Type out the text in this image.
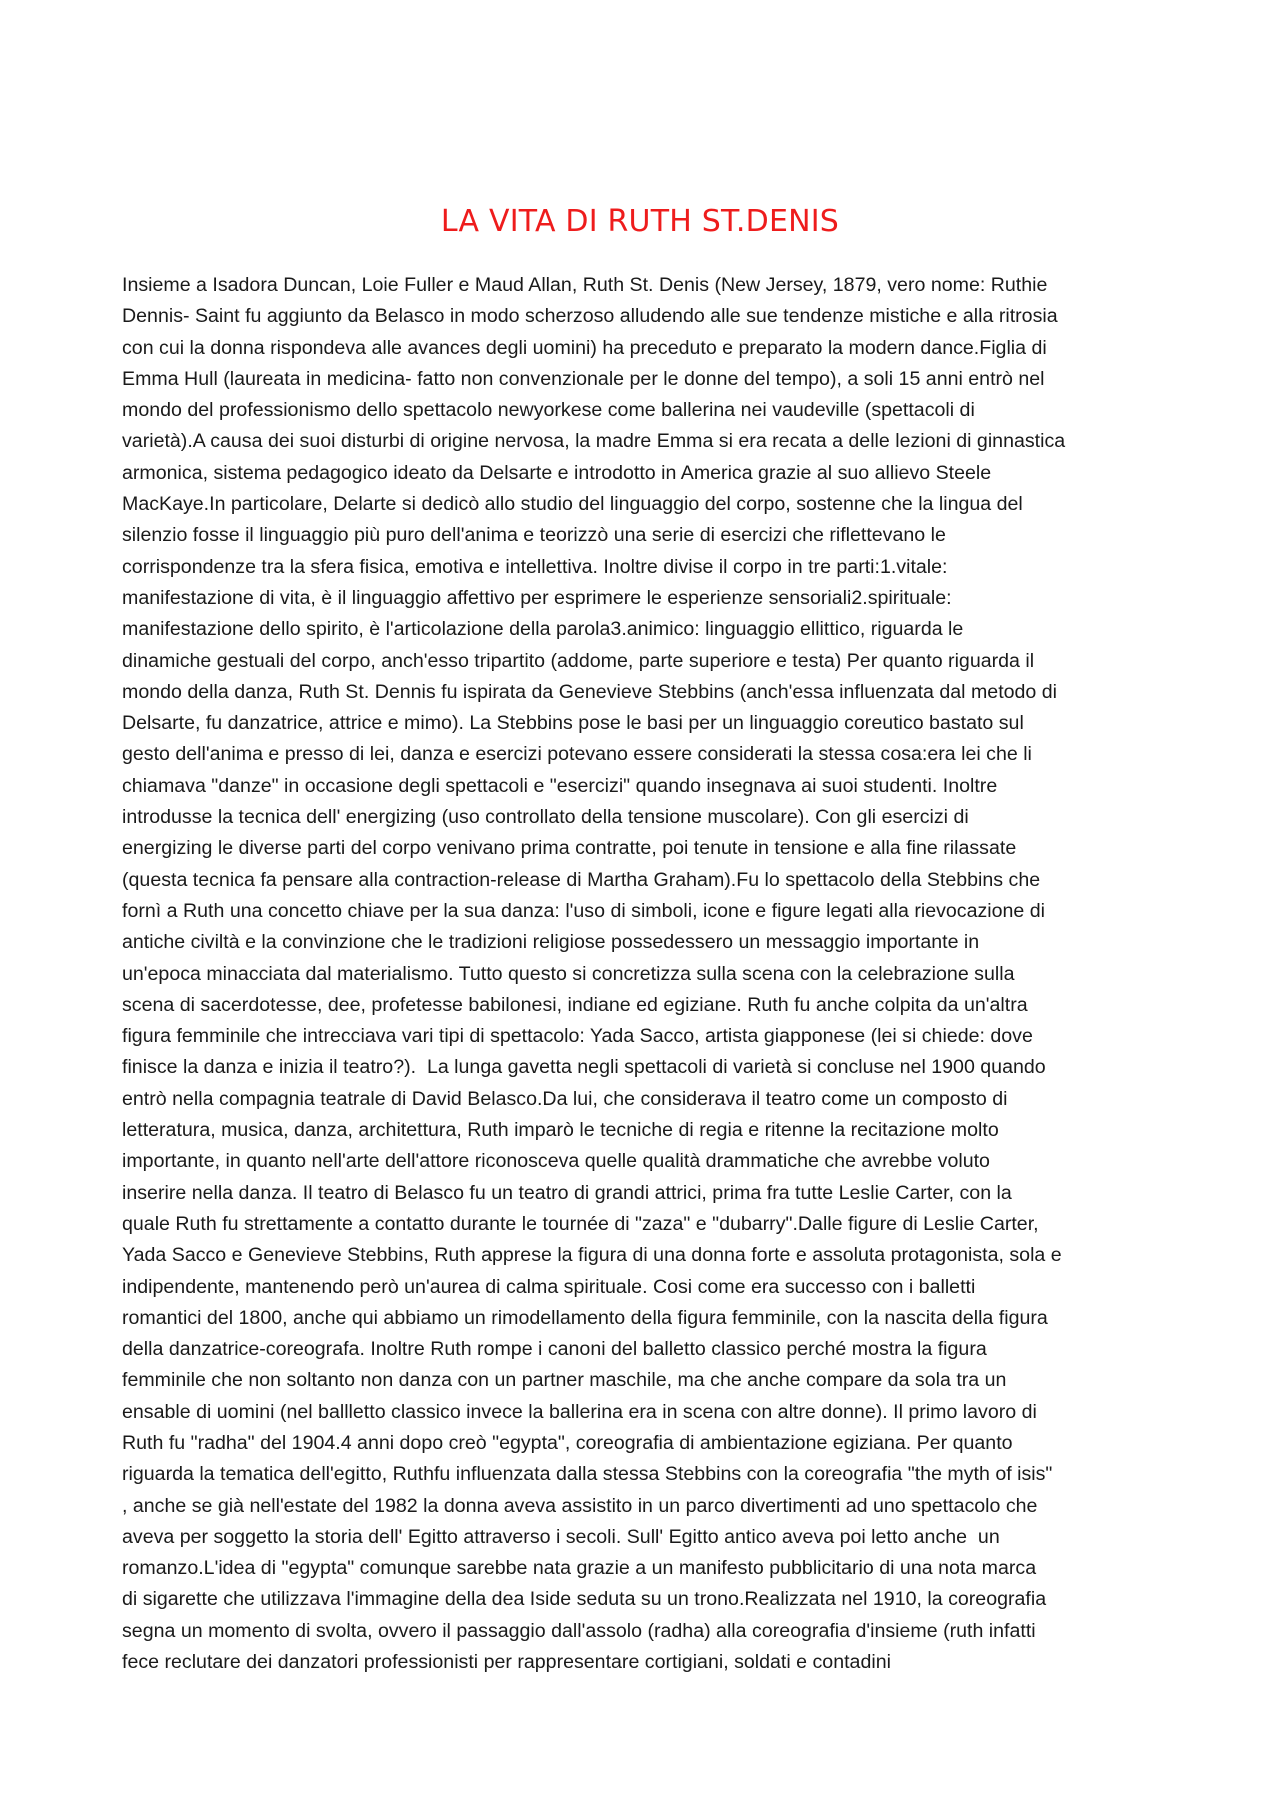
LA VITA DI RUTH ST.DENIS
Insieme a Isadora Duncan, Loie Fuller e Maud Allan, Ruth St. Denis (New Jersey, 1879, vero nome: Ruthie
Dennis- Saint fu aggiunto da Belasco in modo scherzoso alludendo alle sue tendenze mistiche e alla ritrosia
con cui la donna rispondeva alle avances degli uomini) ha preceduto e preparato la modern dance.Figlia di
Emma Hull (laureata in medicina- fatto non convenzionale per le donne del tempo), a soli 15 anni entrò nel
mondo del professionismo dello spettacolo newyorkese come ballerina nei vaudeville (spettacoli di
varietà).A causa dei suoi disturbi di origine nervosa, la madre Emma si era recata a delle lezioni di ginnastica
armonica, sistema pedagogico ideato da Delsarte e introdotto in America grazie al suo allievo Steele
MacKaye.In particolare, Delarte si dedicò allo studio del linguaggio del corpo, sostenne che la lingua del
silenzio fosse il linguaggio più puro dell'anima e teorizzò una serie di esercizi che riflettevano le
corrispondenze tra la sfera fisica, emotiva e intellettiva. Inoltre divise il corpo in tre parti:1.vitale:
manifestazione di vita, è il linguaggio affettivo per esprimere le esperienze sensoriali2.spirituale:
manifestazione dello spirito, è l'articolazione della parola3.animico: linguaggio ellittico, riguarda le
dinamiche gestuali del corpo, anch'esso tripartito (addome, parte superiore e testa) Per quanto riguarda il
mondo della danza, Ruth St. Dennis fu ispirata da Genevieve Stebbins (anch'essa influenzata dal metodo di
Delsarte, fu danzatrice, attrice e mimo). La Stebbins pose le basi per un linguaggio coreutico bastato sul
gesto dell'anima e presso di lei, danza e esercizi potevano essere considerati la stessa cosa:era lei che li
chiamava "danze" in occasione degli spettacoli e "esercizi" quando insegnava ai suoi studenti. Inoltre
introdusse la tecnica dell' energizing (uso controllato della tensione muscolare). Con gli esercizi di
energizing le diverse parti del corpo venivano prima contratte, poi tenute in tensione e alla fine rilassate
(questa tecnica fa pensare alla contraction-release di Martha Graham).Fu lo spettacolo della Stebbins che
fornì a Ruth una concetto chiave per la sua danza: l'uso di simboli, icone e figure legati alla rievocazione di
antiche civiltà e la convinzione che le tradizioni religiose possedessero un messaggio importante in
un'epoca minacciata dal materialismo. Tutto questo si concretizza sulla scena con la celebrazione sulla
scena di sacerdotesse, dee, profetesse babilonesi, indiane ed egiziane. Ruth fu anche colpita da un'altra
figura femminile che intrecciava vari tipi di spettacolo: Yada Sacco, artista giapponese (lei si chiede: dove
finisce la danza e inizia il teatro?).  La lunga gavetta negli spettacoli di varietà si concluse nel 1900 quando
entrò nella compagnia teatrale di David Belasco.Da lui, che considerava il teatro come un composto di
letteratura, musica, danza, architettura, Ruth imparò le tecniche di regia e ritenne la recitazione molto
importante, in quanto nell'arte dell'attore riconosceva quelle qualità drammatiche che avrebbe voluto
inserire nella danza. Il teatro di Belasco fu un teatro di grandi attrici, prima fra tutte Leslie Carter, con la
quale Ruth fu strettamente a contatto durante le tournée di "zaza" e "dubarry".Dalle figure di Leslie Carter,
Yada Sacco e Genevieve Stebbins, Ruth apprese la figura di una donna forte e assoluta protagonista, sola e
indipendente, mantenendo però un'aurea di calma spirituale. Cosi come era successo con i balletti
romantici del 1800, anche qui abbiamo un rimodellamento della figura femminile, con la nascita della figura
della danzatrice-coreografa. Inoltre Ruth rompe i canoni del balletto classico perché mostra la figura
femminile che non soltanto non danza con un partner maschile, ma che anche compare da sola tra un
ensable di uomini (nel ballletto classico invece la ballerina era in scena con altre donne). Il primo lavoro di
Ruth fu "radha" del 1904.4 anni dopo creò "egypta", coreografia di ambientazione egiziana. Per quanto
riguarda la tematica dell'egitto, Ruthfu influenzata dalla stessa Stebbins con la coreografia "the myth of isis"
, anche se già nell'estate del 1982 la donna aveva assistito in un parco divertimenti ad uno spettacolo che
aveva per soggetto la storia dell' Egitto attraverso i secoli. Sull' Egitto antico aveva poi letto anche  un
romanzo.L'idea di "egypta" comunque sarebbe nata grazie a un manifesto pubblicitario di una nota marca
di sigarette che utilizzava l'immagine della dea Iside seduta su un trono.Realizzata nel 1910, la coreografia
segna un momento di svolta, ovvero il passaggio dall'assolo (radha) alla coreografia d'insieme (ruth infatti
fece reclutare dei danzatori professionisti per rappresentare cortigiani, soldati e contadini
